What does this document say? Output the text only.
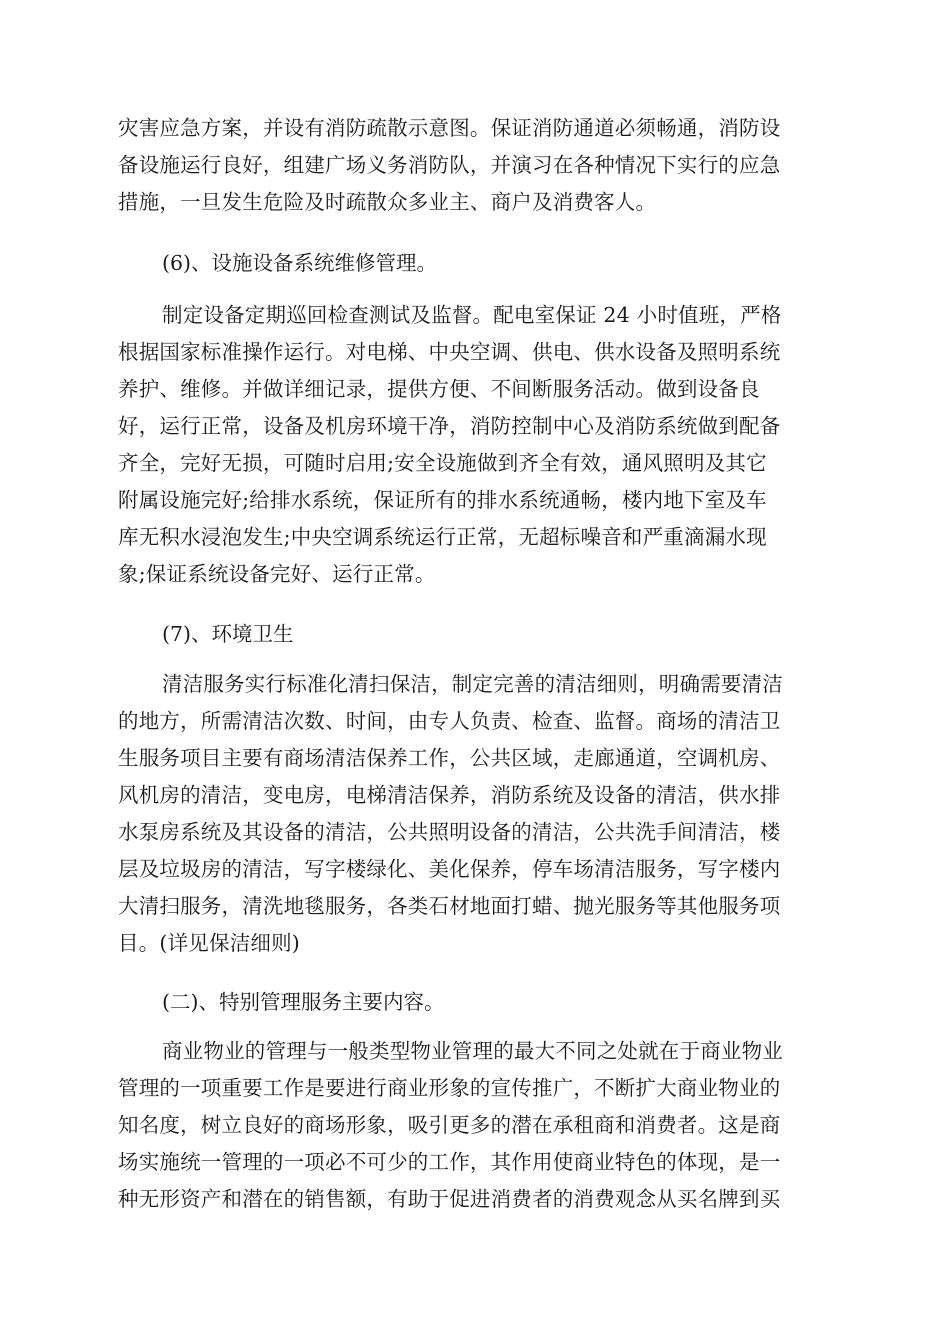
灾害应急方案，并设有消防疏散示意图。保证消防通道必须畅通，消防设
备设施运行良好，组建广场义务消防队，并演习在各种情况下实行的应急
措施，一旦发生危险及时疏散众多业主、商户及消费客人。
(6)、设施设备系统维修管理。
制定设备定期巡回检查测试及监督。配电室保证 24 小时值班，严格
根据国家标准操作运行。对电梯、中央空调、供电、供水设备及照明系统
养护、维修。并做详细记录，提供方便、不间断服务活动。做到设备良
好，运行正常，设备及机房环境干净，消防控制中心及消防系统做到配备
齐全，完好无损，可随时启用;安全设施做到齐全有效，通风照明及其它
附属设施完好;给排水系统，保证所有的排水系统通畅，楼内地下室及车
库无积水浸泡发生;中央空调系统运行正常，无超标噪音和严重滴漏水现
象;保证系统设备完好、运行正常。
(7)、环境卫生
清洁服务实行标准化清扫保洁，制定完善的清洁细则，明确需要清洁
的地方，所需清洁次数、时间，由专人负责、检查、监督。商场的清洁卫
生服务项目主要有商场清洁保养工作，公共区域，走廊通道，空调机房、
风机房的清洁，变电房，电梯清洁保养，消防系统及设备的清洁，供水排
水泵房系统及其设备的清洁，公共照明设备的清洁，公共洗手间清洁，楼
层及垃圾房的清洁，写字楼绿化、美化保养，停车场清洁服务，写字楼内
大清扫服务，清洗地毯服务，各类石材地面打蜡、抛光服务等其他服务项
目。(详见保洁细则)
(二)、特别管理服务主要内容。
商业物业的管理与一般类型物业管理的最大不同之处就在于商业物业
管理的一项重要工作是要进行商业形象的宣传推广，不断扩大商业物业的
知名度，树立良好的商场形象，吸引更多的潜在承租商和消费者。这是商
场实施统一管理的一项必不可少的工作，其作用使商业特色的体现，是一
种无形资产和潜在的销售额，有助于促进消费者的消费观念从买名牌到买
